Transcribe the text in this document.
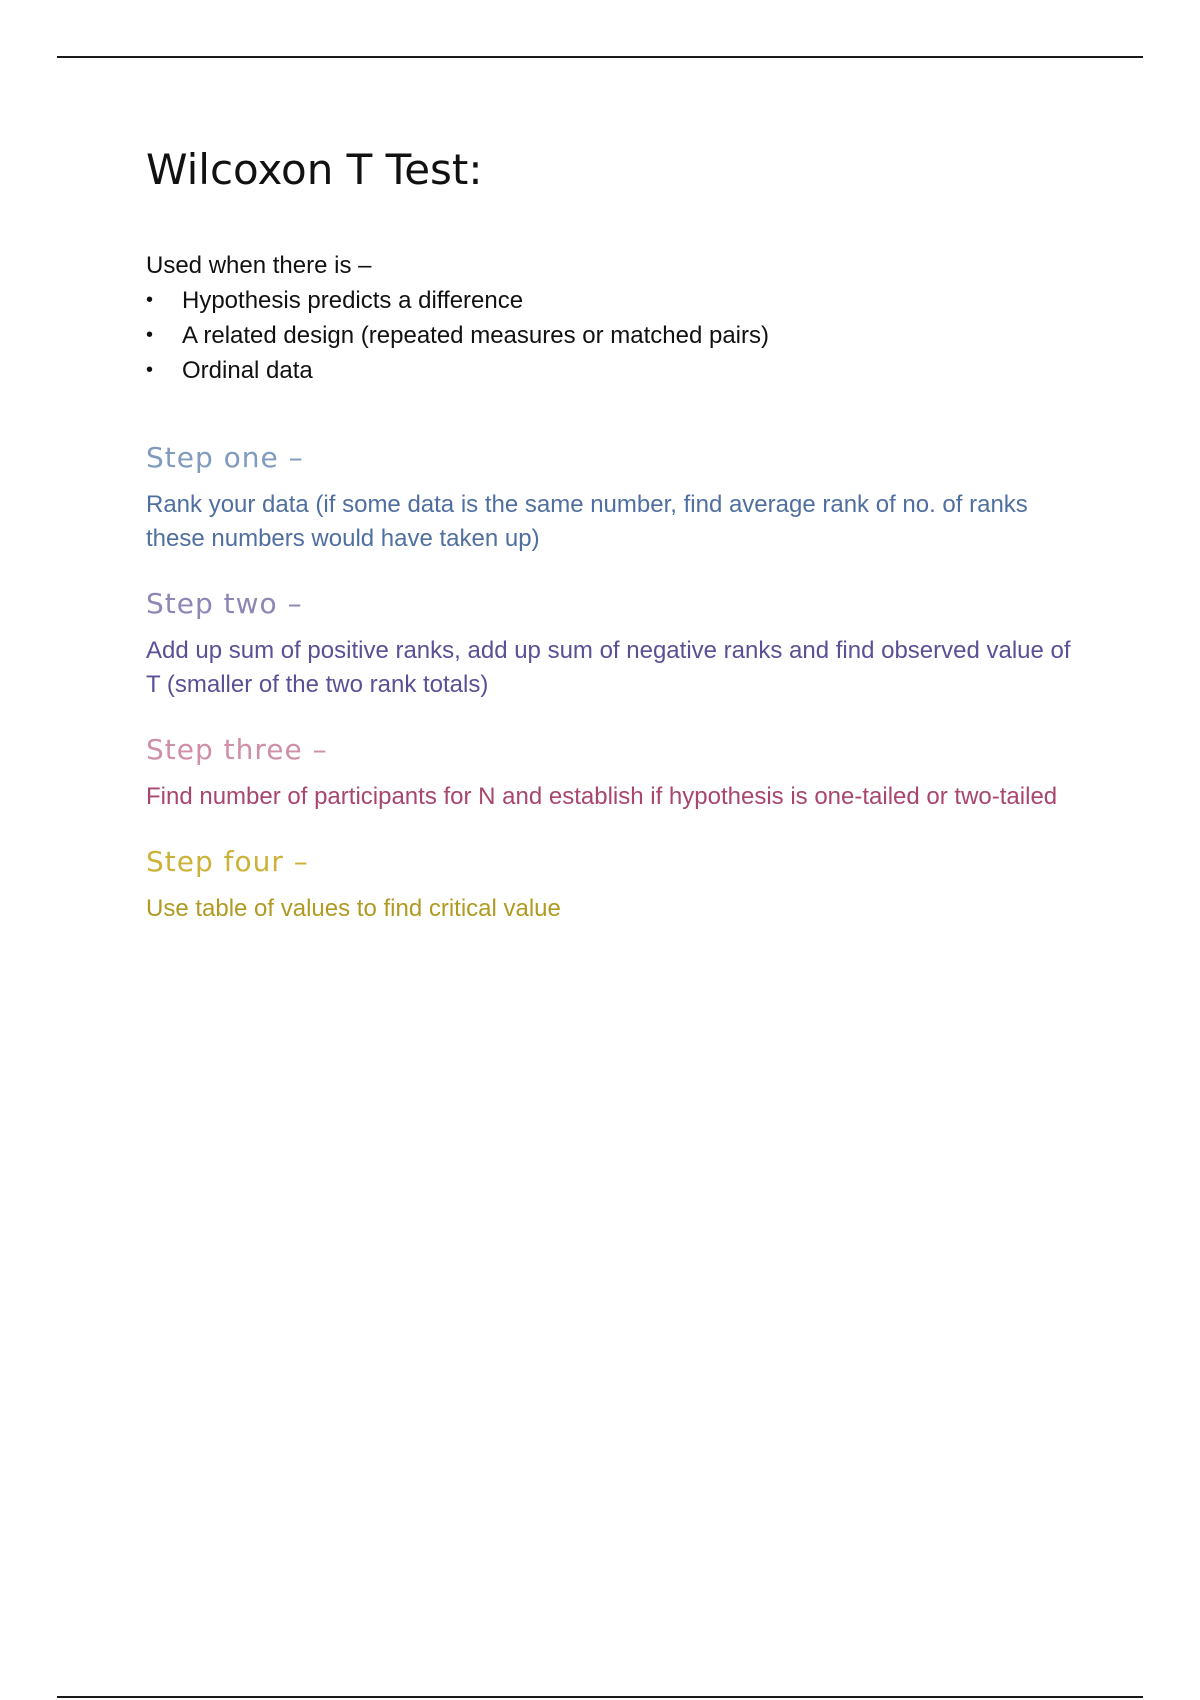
Wilcoxon T Test:
Used when there is –
• Hypothesis predicts a difference
• A related design (repeated measures or matched pairs)
• Ordinal data
Step one –

Rank your data (if some data is the same number, find average rank of no. of ranks these numbers would have taken up)

Step two –

Add up sum of positive ranks, add up sum of negative ranks and find observed value of T (smaller of the two rank totals)

Step three –

Find number of participants for N and establish if hypothesis is one-tailed or two-tailed

Step four –

Use table of values to find critical value
